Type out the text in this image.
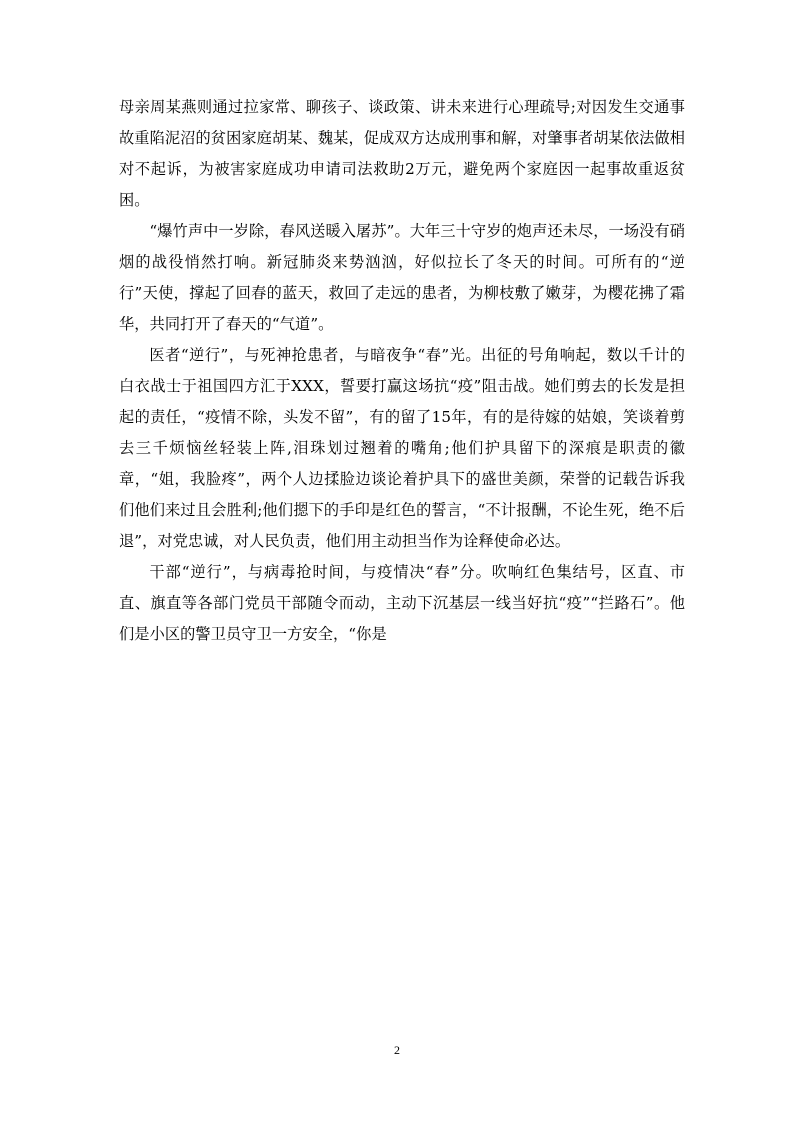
母亲周某燕则通过拉家常、聊孩子、谈政策、讲未来进行心理疏导;对因发生交通事故重陷泥沼的贫困家庭胡某、魏某，促成双方达成刑事和解，对肇事者胡某依法做相对不起诉，为被害家庭成功申请司法救助2万元，避免两个家庭因一起事故重返贫困。

“爆竹声中一岁除，春风送暖入屠苏”。大年三十守岁的炮声还未尽，一场没有硝烟的战役悄然打响。新冠肺炎来势汹汹，好似拉长了冬天的时间。可所有的“逆行”天使，撑起了回春的蓝天，救回了走远的患者，为柳枝敷了嫩芽，为樱花拂了霜华，共同打开了春天的“气道”。

医者“逆行”，与死神抢患者，与暗夜争“春”光。出征的号角响起，数以千计的白衣战士于祖国四方汇于XXX，誓要打赢这场抗“疫”阻击战。她们剪去的长发是担起的责任，“疫情不除，头发不留”，有的留了15年，有的是待嫁的姑娘，笑谈着剪去三千烦恼丝轻装上阵,泪珠划过翘着的嘴角;他们护具留下的深痕是职责的徽章，“姐，我脸疼”，两个人边揉脸边谈论着护具下的盛世美颜，荣誉的记载告诉我们他们来过且会胜利;他们摁下的手印是红色的誓言，“不计报酬，不论生死，绝不后退”，对党忠诚，对人民负责，他们用主动担当作为诠释使命必达。

干部“逆行”，与病毒抢时间，与疫情决“春”分。吹响红色集结号，区直、市直、旗直等各部门党员干部随令而动，主动下沉基层一线当好抗“疫”“拦路石”。他们是小区的警卫员守卫一方安全，“你是

2
